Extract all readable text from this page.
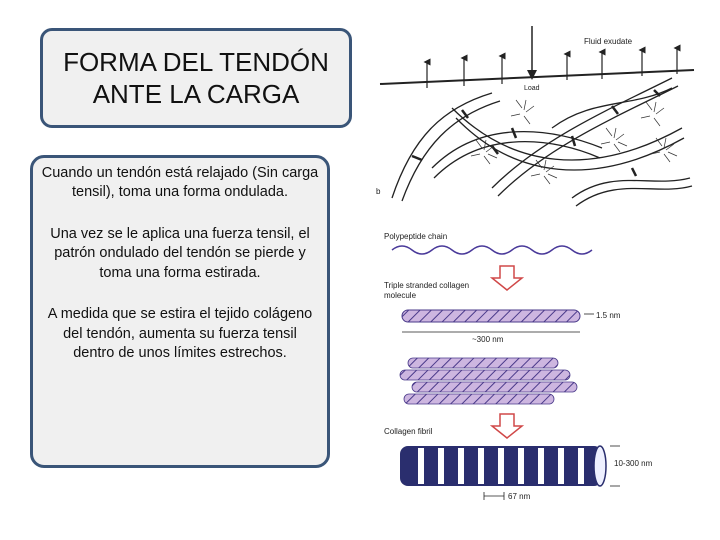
FORMA DEL TENDÓN
ANTE LA CARGA

Cuando un tendón está relajado (Sin carga tensil), toma una forma ondulada.

Una vez se le aplica una fuerza tensil, el patrón ondulado del tendón se pierde y toma una forma estirada.

A medida que se estira el tejido colágeno del tendón, aumenta su fuerza tensil dentro de unos límites estrechos.

Fluid exudate
Load
b
Polypeptide chain
Triple stranded collagen
molecule
1.5 nm
~300 nm
Collagen fibril
10-300 nm
67 nm
